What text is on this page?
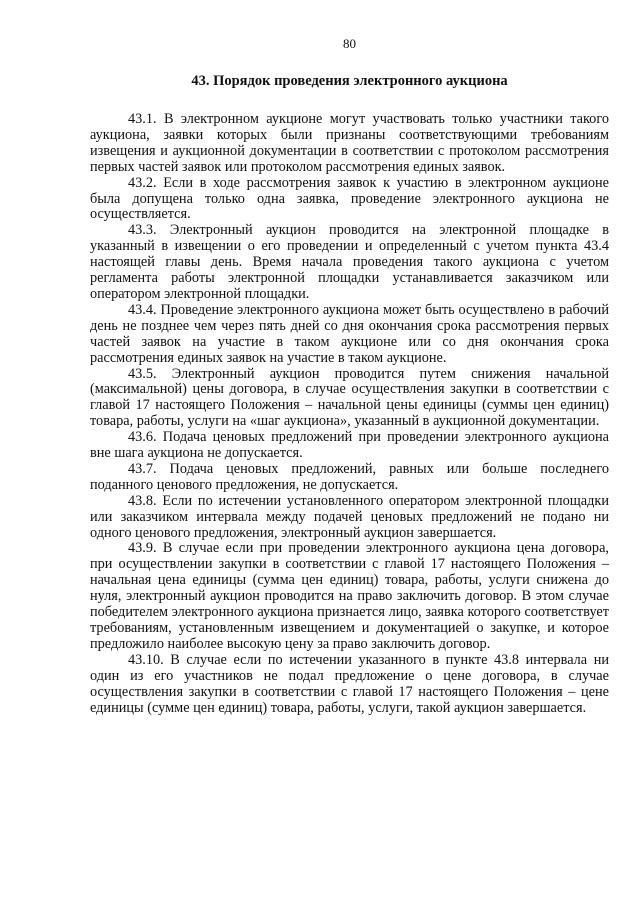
80
43. Порядок проведения электронного аукциона

43.1. В электронном аукционе могут участвовать только участники такого аукциона, заявки которых были признаны соответствующими требованиям извещения и аукционной документации в соответствии с протоколом рассмотрения первых частей заявок или протоколом рассмотрения единых заявок.

43.2. Если в ходе рассмотрения заявок к участию в электронном аукционе была допущена только одна заявка, проведение электронного аукциона не осуществляется.

43.3. Электронный аукцион проводится на электронной площадке в указанный в извещении о его проведении и определенный с учетом пункта 43.4 настоящей главы день. Время начала проведения такого аукциона с учетом регламента работы электронной площадки устанавливается заказчиком или оператором электронной площадки.

43.4. Проведение электронного аукциона может быть осуществлено в рабочий день не позднее чем через пять дней со дня окончания срока рассмотрения первых частей заявок на участие в таком аукционе или со дня окончания срока рассмотрения единых заявок на участие в таком аукционе.

43.5. Электронный аукцион проводится путем снижения начальной (максимальной) цены договора, в случае осуществления закупки в соответствии с главой 17 настоящего Положения – начальной цены единицы (суммы цен единиц) товара, работы, услуги на «шаг аукциона», указанный в аукционной документации.

43.6. Подача ценовых предложений при проведении электронного аукциона вне шага аукциона не допускается.

43.7. Подача ценовых предложений, равных или больше последнего поданного ценового предложения, не допускается.

43.8. Если по истечении установленного оператором электронной площадки или заказчиком интервала между подачей ценовых предложений не подано ни одного ценового предложения, электронный аукцион завершается.

43.9. В случае если при проведении электронного аукциона цена договора, при осуществлении закупки в соответствии с главой 17 настоящего Положения – начальная цена единицы (сумма цен единиц) товара, работы, услуги снижена до нуля, электронный аукцион проводится на право заключить договор. В этом случае победителем электронного аукциона признается лицо, заявка которого соответствует требованиям, установленным извещением и документацией о закупке, и которое предложило наиболее высокую цену за право заключить договор.

43.10. В случае если по истечении указанного в пункте 43.8 интервала ни один из его участников не подал предложение о цене договора, в случае осуществления закупки в соответствии с главой 17 настоящего Положения – цене единицы (сумме цен единиц) товара, работы, услуги, такой аукцион завершается.
